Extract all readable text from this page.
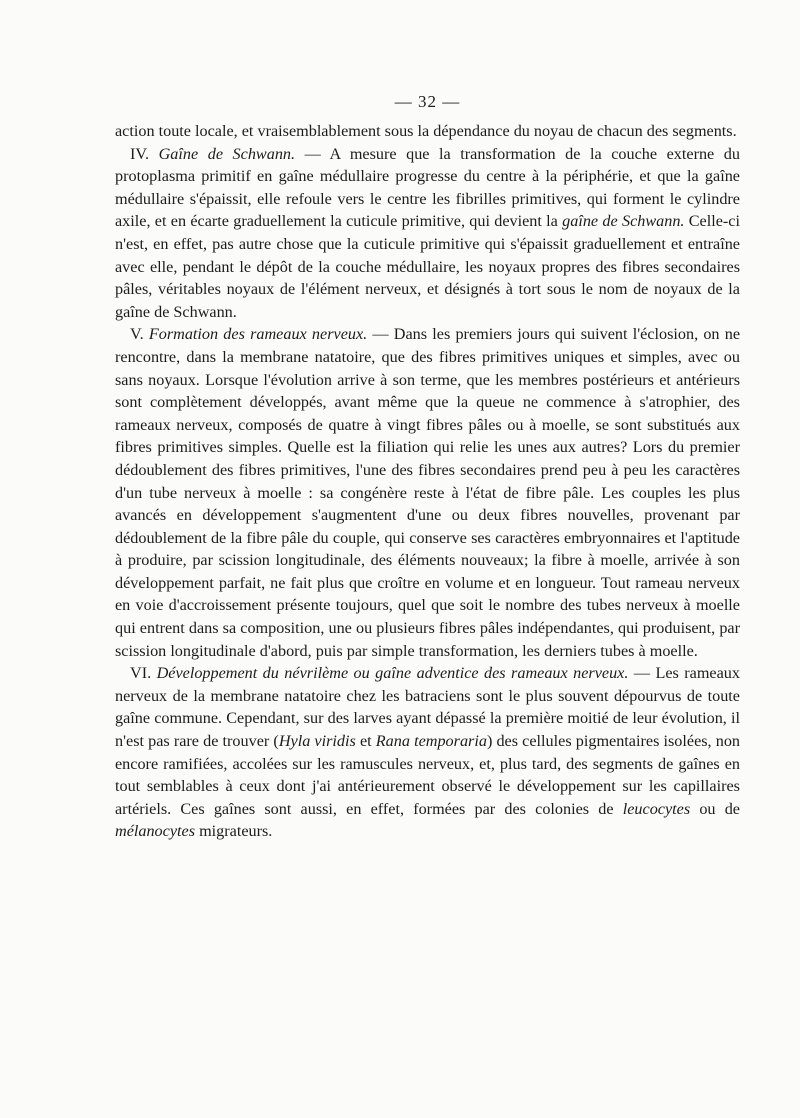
— 32 —

action toute locale, et vraisemblablement sous la dépendance du noyau de chacun des segments.

IV. Gaîne de Schwann. — A mesure que la transformation de la couche externe du protoplasma primitif en gaîne médullaire progresse du centre à la périphérie, et que la gaîne médullaire s'épaissit, elle refoule vers le centre les fibrilles primitives, qui forment le cylindre axile, et en écarte graduellement la cuticule primitive, qui devient la gaîne de Schwann. Celle-ci n'est, en effet, pas autre chose que la cuticule primitive qui s'épaissit graduellement et entraîne avec elle, pendant le dépôt de la couche médullaire, les noyaux propres des fibres secondaires pâles, véritables noyaux de l'élément nerveux, et désignés à tort sous le nom de noyaux de la gaîne de Schwann.

V. Formation des rameaux nerveux. — Dans les premiers jours qui suivent l'éclosion, on ne rencontre, dans la membrane natatoire, que des fibres primitives uniques et simples, avec ou sans noyaux. Lorsque l'évolution arrive à son terme, que les membres postérieurs et antérieurs sont complètement développés, avant même que la queue ne commence à s'atrophier, des rameaux nerveux, composés de quatre à vingt fibres pâles ou à moelle, se sont substitués aux fibres primitives simples. Quelle est la filiation qui relie les unes aux autres? Lors du premier dédoublement des fibres primitives, l'une des fibres secondaires prend peu à peu les caractères d'un tube nerveux à moelle : sa congénère reste à l'état de fibre pâle. Les couples les plus avancés en développement s'augmentent d'une ou deux fibres nouvelles, provenant par dédoublement de la fibre pâle du couple, qui conserve ses caractères embryonnaires et l'aptitude à produire, par scission longitudinale, des éléments nouveaux; la fibre à moelle, arrivée à son développement parfait, ne fait plus que croître en volume et en longueur. Tout rameau nerveux en voie d'accroissement présente toujours, quel que soit le nombre des tubes nerveux à moelle qui entrent dans sa composition, une ou plusieurs fibres pâles indépendantes, qui produisent, par scission longitudinale d'abord, puis par simple transformation, les derniers tubes à moelle.

VI. Développement du névrilème ou gaîne adventice des rameaux nerveux. — Les rameaux nerveux de la membrane natatoire chez les batraciens sont le plus souvent dépourvus de toute gaîne commune. Cependant, sur des larves ayant dépassé la première moitié de leur évolution, il n'est pas rare de trouver (Hyla viridis et Rana temporaria) des cellules pigmentaires isolées, non encore ramifiées, accolées sur les ramuscules nerveux, et, plus tard, des segments de gaînes en tout semblables à ceux dont j'ai antérieurement observé le développement sur les capillaires artériels. Ces gaînes sont aussi, en effet, formées par des colonies de leucocytes ou de mélanocytes migrateurs.
